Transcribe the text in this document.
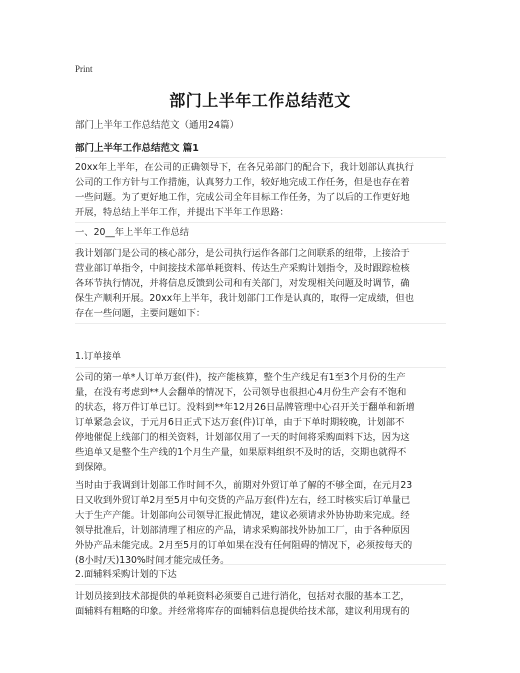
Print
部门上半年工作总结范文
部门上半年工作总结范文（通用24篇）
部门上半年工作总结范文 篇1
20xx年上半年，在公司的正确领导下，在各兄弟部门的配合下，我计划部认真执行
公司的工作方针与工作措施，认真努力工作，较好地完成工作任务，但是也存在着
一些问题。为了更好地工作，完成公司全年目标工作任务，为了以后的工作更好地
开展，特总结上半年工作，并提出下半年工作思路：
一、20__年上半年工作总结
我计划部门是公司的核心部分，是公司执行运作各部门之间联系的纽带，上接洽于
营业部订单指令，中间接技术部单耗资料、传达生产采购计划指令，及时跟踪检核
各环节执行情况，并将信息反馈到公司和有关部门，对发现相关问题及时调节，确
保生产顺利开展。20xx年上半年，我计划部门工作是认真的，取得一定成绩，但也
存在一些问题，主要问题如下：
1.订单接单
公司的第一单*人订单万套(件)，按产能核算，整个生产线足有1至3个月份的生产
量，在没有考虑到**人会翻单的情况下，公司领导也很担心4月份生产会有不饱和
的状态，将万件订单已订。没料到**年12月26日品牌管理中心召开关于翻单和新增
订单紧急会议，于元月6日正式下达万套(件)订单，由于下单时期较晚，计划部不
停地催促上线部门的相关资料，计划部仅用了一天的时间将采购面料下达，因为这
些追单又是整个生产线的1个月生产量，如果原料组织不及时的话，交期也就得不
到保障。
当时由于我调到计划部工作时间不久，前期对外贸订单了解的不够全面，在元月23
日又收到外贸订单2月至5月中旬交货的产品万套(件)左右，经工时核实后订单量已
大于生产产能。计划部向公司领导汇报此情况，建议必须请求外协协助来完成。经
领导批准后，计划部清理了相应的产品，请求采购部找外协加工厂，由于各种原因
外协产品未能完成。2月至5月的订单如果在没有任何阻碍的情况下，必须按每天的
(8小时/天)130%时间才能完成任务。
2.面辅料采购计划的下达
计划员接到技术部提供的单耗资料必须要自己进行消化，包括对衣服的基本工艺，
面辅料有粗略的印象。并经常将库存的面辅料信息提供给技术部，建议利用现有的
